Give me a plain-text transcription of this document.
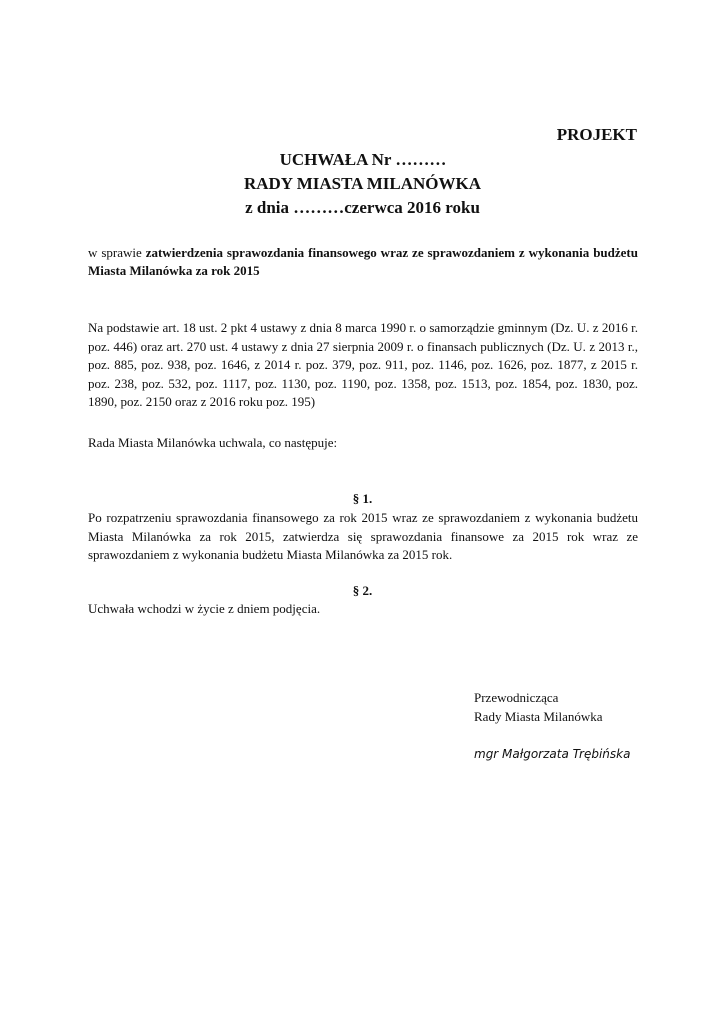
PROJEKT
UCHWAŁA Nr ………
RADY MIASTA MILANÓWKA
z dnia ………czerwca 2016 roku
w sprawie zatwierdzenia sprawozdania finansowego wraz ze sprawozdaniem z wykonania budżetu Miasta Milanówka za rok 2015
Na podstawie art. 18 ust. 2 pkt 4 ustawy z dnia 8 marca 1990 r. o samorządzie gminnym (Dz. U. z 2016 r. poz. 446) oraz art. 270 ust. 4 ustawy z dnia 27 sierpnia 2009 r. o finansach publicznych (Dz. U. z 2013 r., poz. 885, poz. 938, poz. 1646, z 2014 r. poz. 379, poz. 911, poz. 1146, poz. 1626, poz. 1877, z 2015 r. poz. 238, poz. 532, poz. 1117, poz. 1130, poz. 1190, poz. 1358, poz. 1513, poz. 1854, poz. 1830, poz. 1890, poz. 2150 oraz z 2016 roku poz. 195)
Rada Miasta Milanówka uchwala, co następuje:
§ 1.
Po rozpatrzeniu sprawozdania finansowego za rok 2015 wraz ze sprawozdaniem z wykonania budżetu Miasta Milanówka za rok 2015, zatwierdza się sprawozdania finansowe za 2015 rok wraz ze sprawozdaniem z wykonania budżetu Miasta Milanówka za 2015 rok.
§ 2.
Uchwała wchodzi w życie z dniem podjęcia.
Przewodnicząca
Rady Miasta Milanówka
mgr Małgorzata Trębińska
